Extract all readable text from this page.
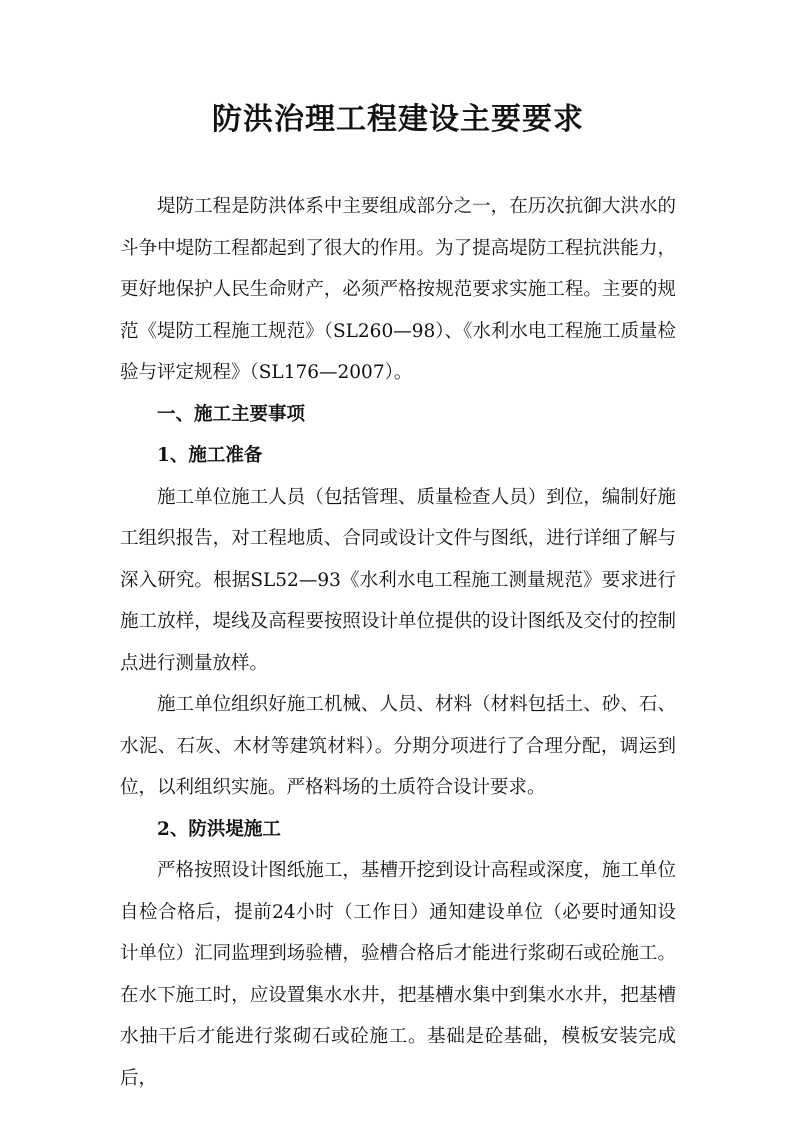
防洪治理工程建设主要要求

堤防工程是防洪体系中主要组成部分之一，在历次抗御大洪水的斗争中堤防工程都起到了很大的作用。为了提高堤防工程抗洪能力，更好地保护人民生命财产，必须严格按规范要求实施工程。主要的规范《堤防工程施工规范》（SL260—98）、《水利水电工程施工质量检验与评定规程》（SL176—2007）。

一、施工主要事项

1、施工准备

施工单位施工人员（包括管理、质量检查人员）到位，编制好施工组织报告，对工程地质、合同或设计文件与图纸，进行详细了解与深入研究。根据SL52—93《水利水电工程施工测量规范》要求进行施工放样，堤线及高程要按照设计单位提供的设计图纸及交付的控制点进行测量放样。

施工单位组织好施工机械、人员、材料（材料包括土、砂、石、水泥、石灰、木材等建筑材料）。分期分项进行了合理分配，调运到位，以利组织实施。严格料场的土质符合设计要求。

2、防洪堤施工

严格按照设计图纸施工，基槽开挖到设计高程或深度，施工单位自检合格后，提前24小时（工作日）通知建设单位（必要时通知设计单位）汇同监理到场验槽，验槽合格后才能进行浆砌石或砼施工。在水下施工时，应设置集水水井，把基槽水集中到集水水井，把基槽水抽干后才能进行浆砌石或砼施工。基础是砼基础，模板安装完成后，
